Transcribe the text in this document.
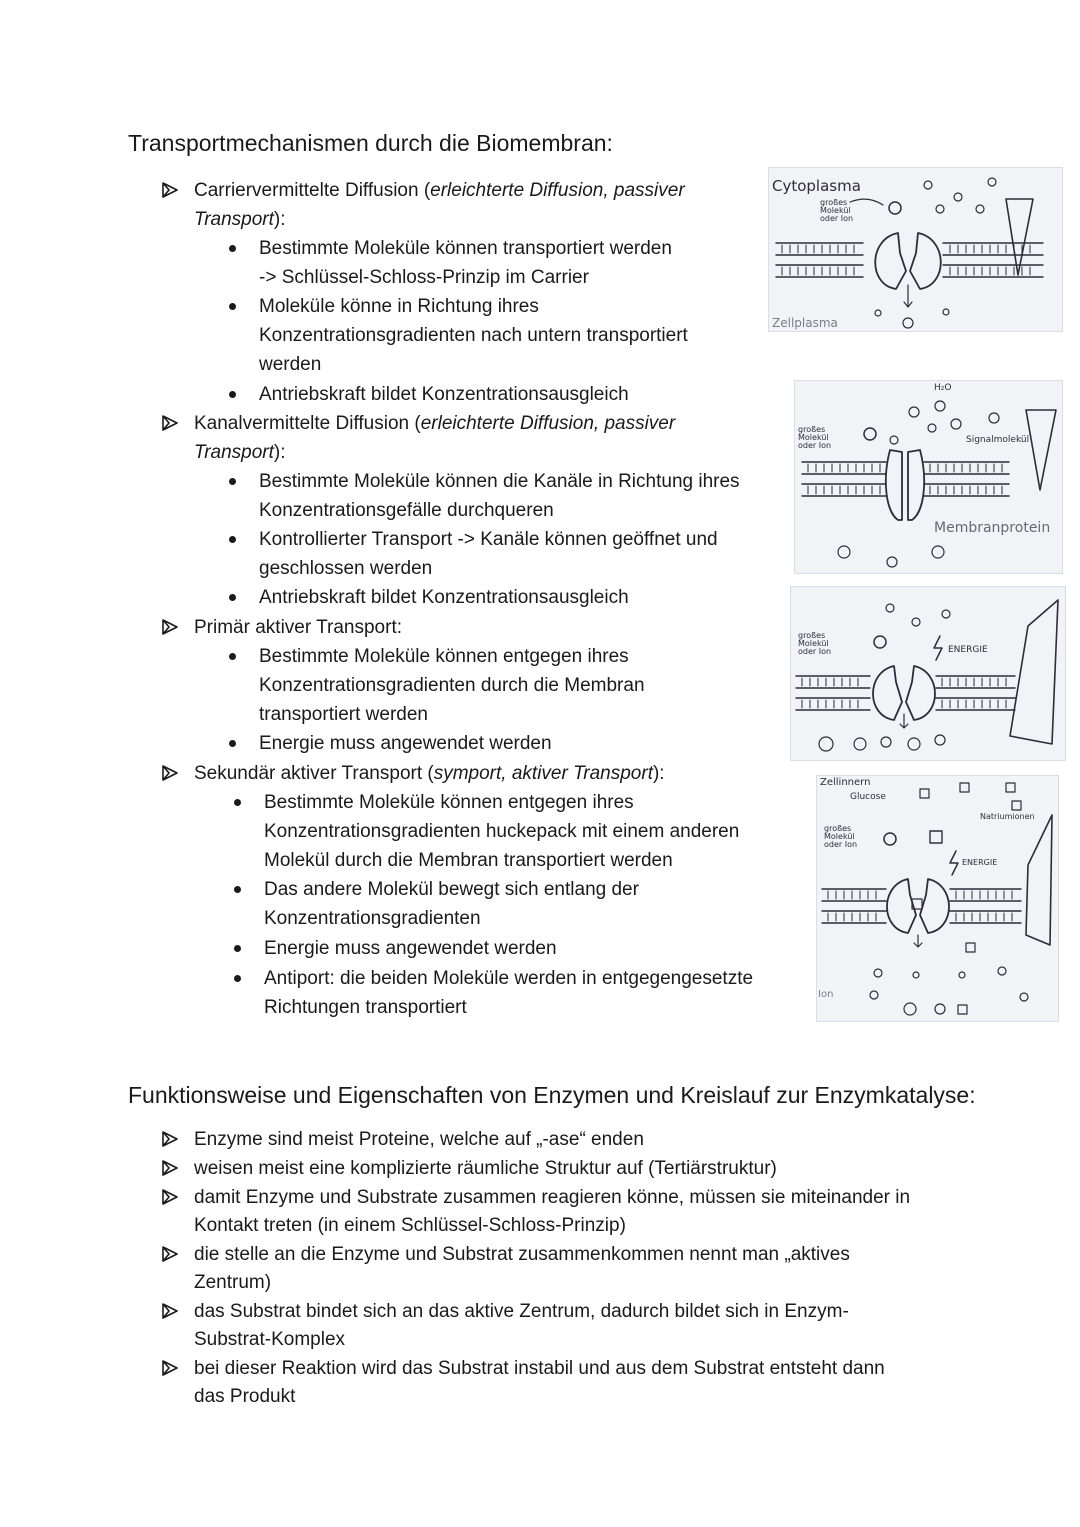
Transportmechanismen durch die Biomembran:
Carriervermittelte Diffusion (erleichterte Diffusion, passiver
Transport):
Bestimmte Moleküle können transportiert werden
-> Schlüssel-Schloss-Prinzip im Carrier
Moleküle könne in Richtung ihres
Konzentrationsgradienten nach untern transportiert
werden
Antriebskraft bildet Konzentrationsausgleich
Kanalvermittelte Diffusion (erleichterte Diffusion, passiver
Transport):
Bestimmte Moleküle können die Kanäle in Richtung ihres
Konzentrationsgefälle durchqueren
Kontrollierter Transport -> Kanäle können geöffnet und
geschlossen werden
Antriebskraft bildet Konzentrationsausgleich
Primär aktiver Transport:
Bestimmte Moleküle können entgegen ihres
Konzentrationsgradienten durch die Membran
transportiert werden
Energie muss angewendet werden
Sekundär aktiver Transport (symport, aktiver Transport):
Bestimmte Moleküle können entgegen ihres
Konzentrationsgradienten huckepack mit einem anderen
Molekül durch die Membran transportiert werden
Das andere Molekül bewegt sich entlang der
Konzentrationsgradienten
Energie muss angewendet werden
Antiport: die beiden Moleküle werden in entgegengesetzte
Richtungen transportiert
Cytoplasma
großes
Molekül
oder Ion
Zellplasma
H₂O
großes
Molekül
oder Ion
Signalmolekül
Membranprotein
großes
Molekül
oder Ion	ENERGIE
Zellinnern
Glucose
Natriumionen
großes
Molekül
oder Ion
ENERGIE
Ion
Funktionsweise und Eigenschaften von Enzymen und Kreislauf zur Enzymkatalyse:
Enzyme sind meist Proteine, welche auf „-ase“ enden
weisen meist eine komplizierte räumliche Struktur auf (Tertiärstruktur)
damit Enzyme und Substrate zusammen reagieren könne, müssen sie miteinander in
Kontakt treten (in einem Schlüssel-Schloss-Prinzip)
die stelle an die Enzyme und Substrat zusammenkommen nennt man „aktives
Zentrum)
das Substrat bindet sich an das aktive Zentrum, dadurch bildet sich in Enzym-
Substrat-Komplex
bei dieser Reaktion wird das Substrat instabil und aus dem Substrat entsteht dann
das Produkt
